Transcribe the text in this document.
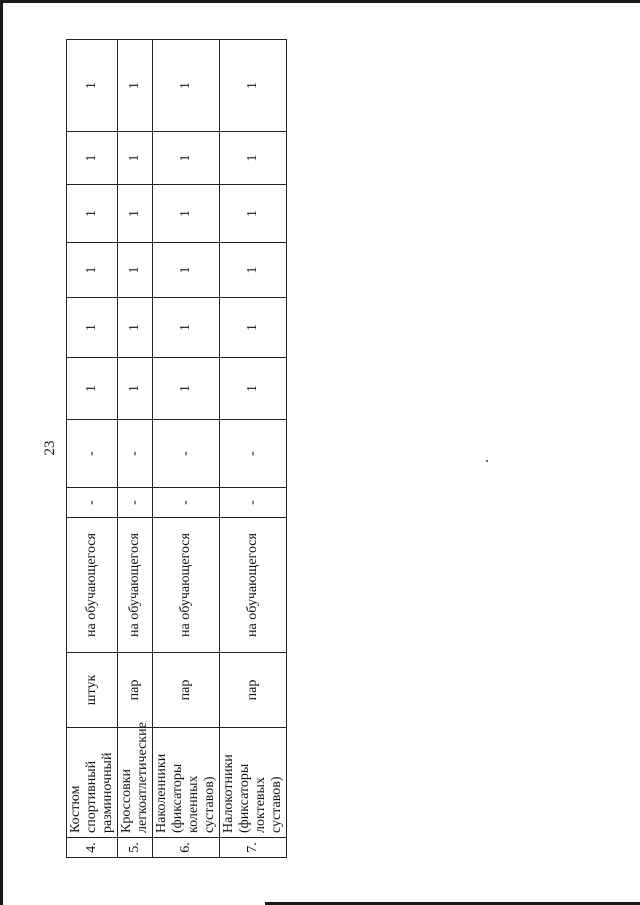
23
4.	Костюм спортивный разминочный	штук	на обучающегося	-	-	1	1	1	1	1	1
5.	Кроссовки легкоатлетические	пар	на обучающегося	-	-	1	1	1	1	1	1
6.	Наколенники (фиксаторы коленных суставов)	пар	на обучающегося	-	-	1	1	1	1	1	1
7.	Налокотники (фиксаторы локтевых суставов)	пар	на обучающегося	-	-	1	1	1	1	1	1
